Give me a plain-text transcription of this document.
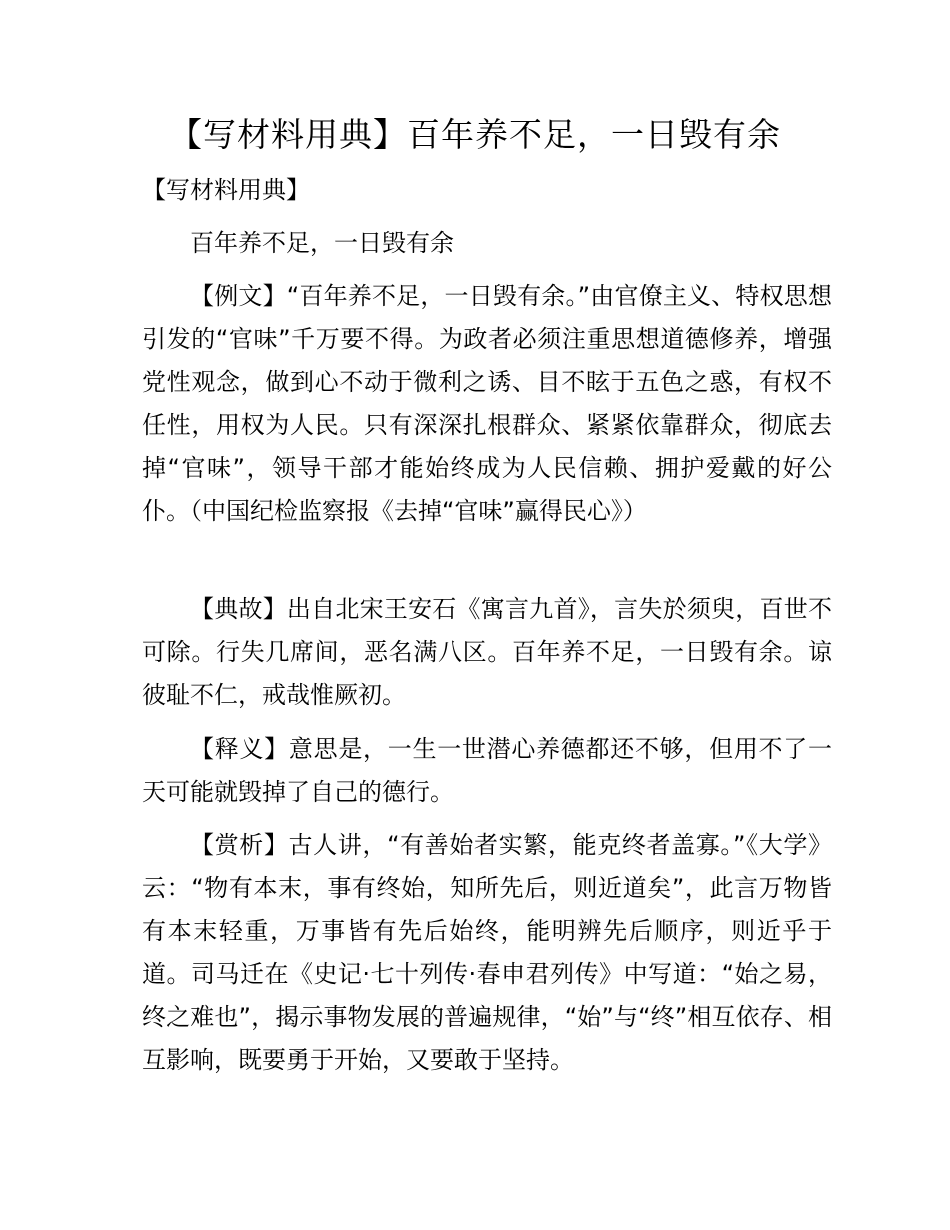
【写材料用典】百年养不足，一日毁有余

【写材料用典】

百年养不足，一日毁有余

【例文】“百年养不足，一日毁有余。”由官僚主义、特权思想引发的“官味”千万要不得。为政者必须注重思想道德修养，增强党性观念，做到心不动于微利之诱、目不眩于五色之惑，有权不任性，用权为人民。只有深深扎根群众、紧紧依靠群众，彻底去掉“官味”，领导干部才能始终成为人民信赖、拥护爱戴的好公仆。（中国纪检监察报《去掉“官味”赢得民心》）

【典故】出自北宋王安石《寓言九首》，言失於须臾，百世不可除。行失几席间，恶名满八区。百年养不足，一日毁有余。谅彼耻不仁，戒哉惟厥初。

【释义】意思是，一生一世潜心养德都还不够，但用不了一天可能就毁掉了自己的德行。

【赏析】古人讲，“有善始者实繁，能克终者盖寡。”《大学》云：“物有本末，事有终始，知所先后，则近道矣”，此言万物皆有本末轻重，万事皆有先后始终，能明辨先后顺序，则近乎于道。司马迁在《史记·七十列传·春申君列传》中写道：“始之易，终之难也”，揭示事物发展的普遍规律，“始”与“终”相互依存、相互影响，既要勇于开始，又要敢于坚持。
